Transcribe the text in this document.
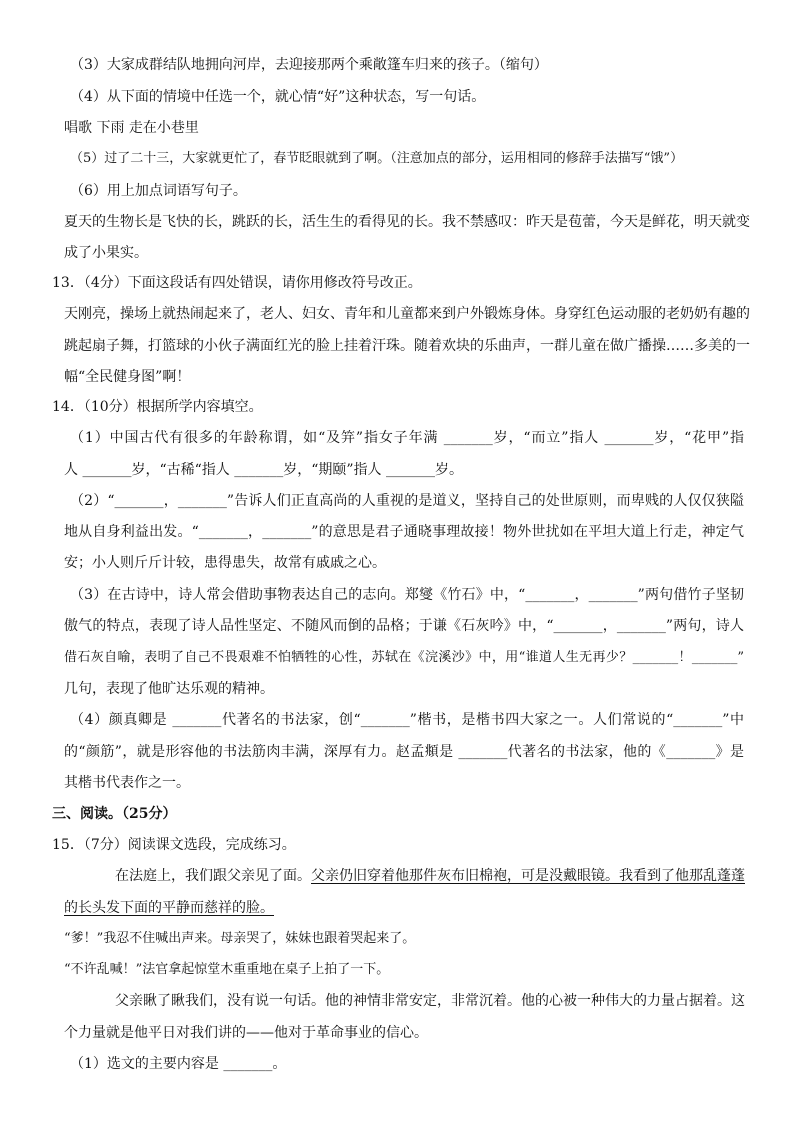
（3）大家成群结队地拥向河岸，去迎接那两个乘敞篷车归来的孩子。（缩句）
（4）从下面的情境中任选一个，就心情“好”这种状态，写一句话。
唱歌 下雨 走在小巷里
（5）过了二十三，大家就更忙了，春节眨眼就到了啊。（注意加点的部分，运用相同的修辞手法描写“饿”）
（6）用上加点词语写句子。
夏天的生物长是飞快的长，跳跃的长，活生生的看得见的长。我不禁感叹：昨天是苞蕾，今天是鲜花，明天就变
成了小果实。
13．（4分）下面这段话有四处错误，请你用修改符号改正。
天刚亮，操场上就热闹起来了，老人、妇女、青年和儿童都来到户外锻炼身体。身穿红色运动服的老奶奶有趣的
跳起扇子舞，打篮球的小伙子满面红光的脸上挂着汗珠。随着欢块的乐曲声，一群儿童在做广播操……多美的一
幅“全民健身图”啊！
14．（10分）根据所学内容填空。
（1）中国古代有很多的年龄称谓，如“及笄”指女子年满 _______岁，“而立”指人 _______岁，“花甲”指
人 _______岁，“古稀“指人 _______岁，“期颐”指人 _______岁。
（2）“_______，_______”告诉人们正直高尚的人重视的是道义，坚持自己的处世原则，而卑贱的人仅仅狭隘
地从自身利益出发。“_______，_______”的意思是君子通晓事理故接！物外世扰如在平坦大道上行走，神定气
安；小人则斤斤计较，患得患失，故常有戚戚之心。
（3）在古诗中，诗人常会借助事物表达自己的志向。郑燮《竹石》中，“_______，_______”两句借竹子坚韧
傲气的特点，表现了诗人品性坚定、不随风而倒的品格；于谦《石灰吟》中，“_______，_______”两句，诗人
借石灰自喻，表明了自己不畏艰难不怕牺牲的心性，苏轼在《浣溪沙》中，用“谁道人生无再少？_______！_______”
几句，表现了他旷达乐观的精神。
（4）颜真卿是 _______代著名的书法家，创“_______”楷书，是楷书四大家之一。人们常说的“_______”中
的“颜筋”，就是形容他的书法筋肉丰满，深厚有力。赵孟頫是 _______代著名的书法家，他的《_______》是
其楷书代表作之一。
三、阅读。（25分）
15．（7分）阅读课文选段，完成练习。
在法庭上，我们跟父亲见了面。父亲仍旧穿着他那件灰布旧棉袍，可是没戴眼镜。我看到了他那乱蓬蓬
的长头发下面的平静而慈祥的脸。
“爹！”我忍不住喊出声来。母亲哭了，妹妹也跟着哭起来了。
“不许乱喊！”法官拿起惊堂木重重地在桌子上拍了一下。
父亲瞅了瞅我们，没有说一句话。他的神情非常安定，非常沉着。他的心被一种伟大的力量占据着。这
个力量就是他平日对我们讲的——他对于革命事业的信心。
（1）选文的主要内容是 _______。
